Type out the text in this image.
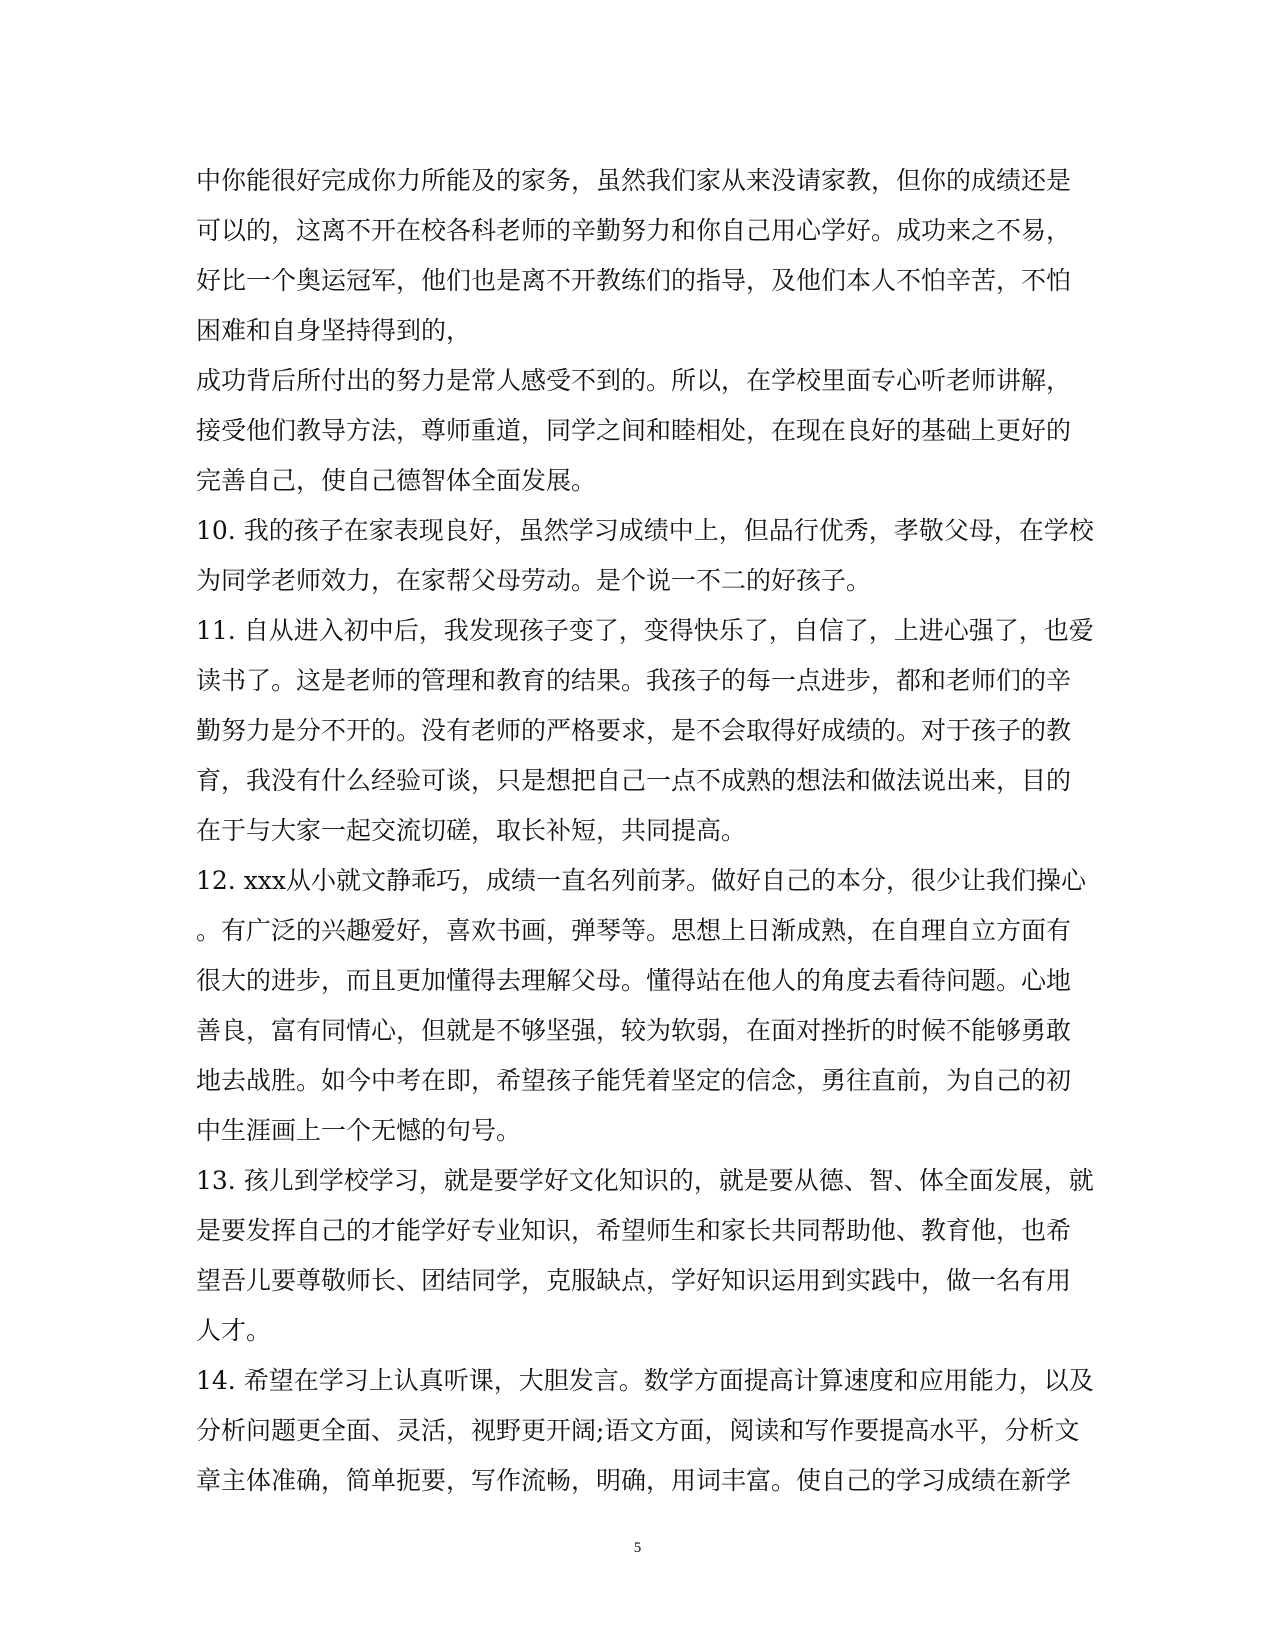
中你能很好完成你力所能及的家务，虽然我们家从来没请家教，但你的成绩还是
可以的，这离不开在校各科老师的辛勤努力和你自己用心学好。成功来之不易，
好比一个奥运冠军，他们也是离不开教练们的指导，及他们本人不怕辛苦，不怕
困难和自身坚持得到的，
成功背后所付出的努力是常人感受不到的。所以，在学校里面专心听老师讲解，
接受他们教导方法，尊师重道，同学之间和睦相处，在现在良好的基础上更好的
完善自己，使自己德智体全面发展。
10. 我的孩子在家表现良好，虽然学习成绩中上，但品行优秀，孝敬父母，在学校
为同学老师效力，在家帮父母劳动。是个说一不二的好孩子。
11. 自从进入初中后，我发现孩子变了，变得快乐了，自信了，上进心强了，也爱
读书了。这是老师的管理和教育的结果。我孩子的每一点进步，都和老师们的辛
勤努力是分不开的。没有老师的严格要求，是不会取得好成绩的。对于孩子的教
育，我没有什么经验可谈，只是想把自己一点不成熟的想法和做法说出来，目的
在于与大家一起交流切磋，取长补短，共同提高。
12. xxx从小就文静乖巧，成绩一直名列前茅。做好自己的本分，很少让我们操心
。有广泛的兴趣爱好，喜欢书画，弹琴等。思想上日渐成熟，在自理自立方面有
很大的进步，而且更加懂得去理解父母。懂得站在他人的角度去看待问题。心地
善良，富有同情心，但就是不够坚强，较为软弱，在面对挫折的时候不能够勇敢
地去战胜。如今中考在即，希望孩子能凭着坚定的信念，勇往直前，为自己的初
中生涯画上一个无憾的句号。
13. 孩儿到学校学习，就是要学好文化知识的，就是要从德、智、体全面发展，就
是要发挥自己的才能学好专业知识，希望师生和家长共同帮助他、教育他，也希
望吾儿要尊敬师长、团结同学，克服缺点，学好知识运用到实践中，做一名有用
人才。
14. 希望在学习上认真听课，大胆发言。数学方面提高计算速度和应用能力，以及
分析问题更全面、灵活，视野更开阔;语文方面，阅读和写作要提高水平，分析文
章主体准确，简单扼要，写作流畅，明确，用词丰富。使自己的学习成绩在新学
5
